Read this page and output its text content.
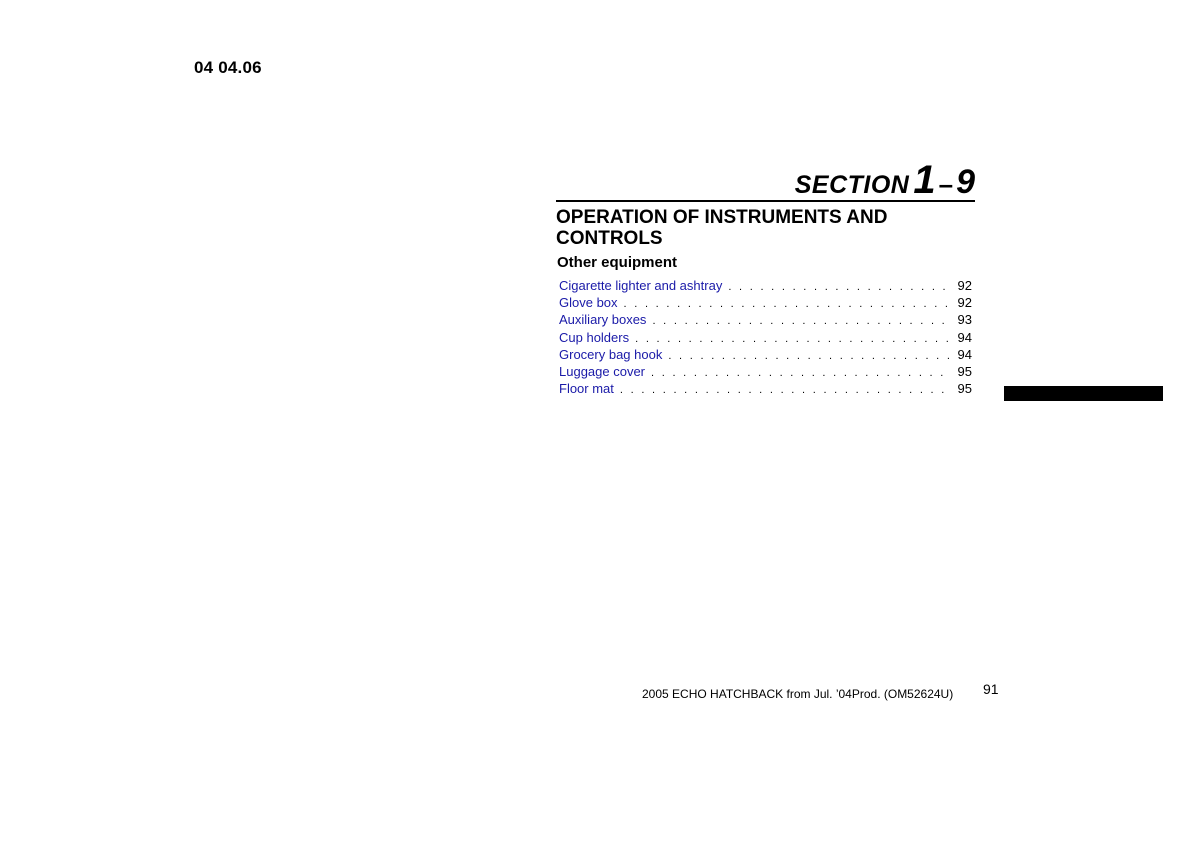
04 04.06
SECTION 1 –9
OPERATION OF INSTRUMENTS AND CONTROLS
Other equipment
Cigarette lighter and ashtray . . .	92
Glove box . . .	92
Auxiliary boxes . . .	93
Cup holders . . .	94
Grocery bag hook . . .	94
Luggage cover . . .	95
Floor mat . . .	95
2005 ECHO HATCHBACK from Jul. ’04Prod. (OM52624U) 91
